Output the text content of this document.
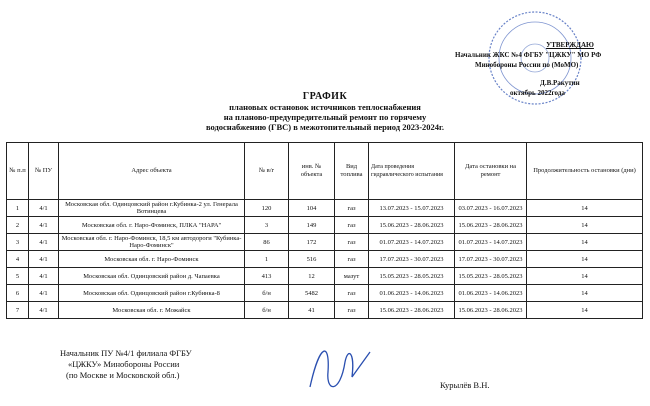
УТВЕРЖДАЮ
Начальник ЖКС №4 ФГБУ "ЦЖКУ" МО РФ
Минобороны России по (МоМО)
Д.В.Ракутин
октябрь 2022года
ГРАФИК
плановых остановок источников теплоснабжения
на планово-предупредительный ремонт по горячему
водоснабжению (ГВС) в межотопительный период 2023-2024г.
№ п.п	№ ПУ	Адрес объекта	№ в/г	инв. № объекта	Вид топлива	Дата проведения гидравлического испытания	Дата остановки на ремонт	Продолжительность остановки (дни)
1	4/1	Московская обл. Одинцовский район г.Кубинка-2 ул. Генерала Вотинцева	120	104	газ	13.07.2023 - 15.07.2023	03.07.2023 - 16.07.2023	14
2	4/1	Московская обл. г. Наро-Фоминск, ПЛКА "НАРА"	3	149	газ	15.06.2023 - 28.06.2023	15.06.2023 - 28.06.2023	14
3	4/1	Московская обл. г. Наро-Фоминск, 18,5 км автодороги "Кубинка-Наро-Фоминск"	86	172	газ	01.07.2023 - 14.07.2023	01.07.2023 - 14.07.2023	14
4	4/1	Московская обл. г. Наро-Фоминск	1	516	газ	17.07.2023 - 30.07.2023	17.07.2023 - 30.07.2023	14
5	4/1	Московская обл. Одинцовский район д. Чапаевка	413	12	мазут	15.05.2023 - 28.05.2023	15.05.2023 - 28.05.2023	14
6	4/1	Московская обл. Одинцовский район г.Кубинка-8	б/н	5482	газ	01.06.2023 - 14.06.2023	01.06.2023 - 14.06.2023	14
7	4/1	Московская обл. г. Можайск	б/н	41	газ	15.06.2023 - 28.06.2023	15.06.2023 - 28.06.2023	14
Начальник ПУ №4/1 филиала ФГБУ
«ЦЖКУ» Минобороны России
(по Москве и Московской обл.)
Курылёв В.Н.
